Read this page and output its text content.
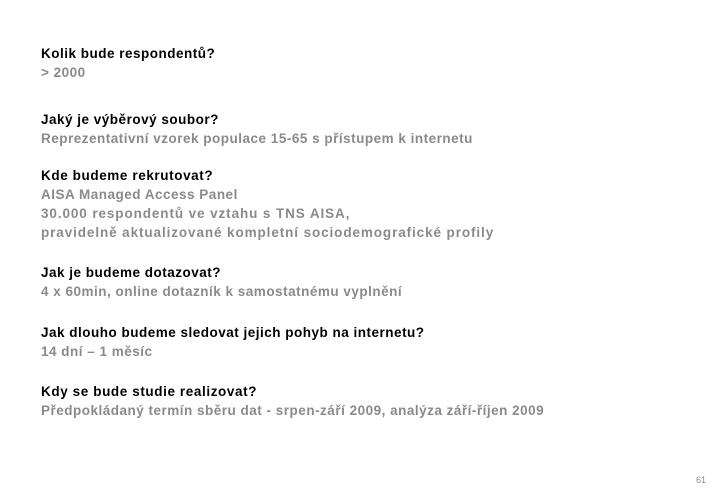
Kolik bude respondentů?
> 2000
Jaký je výběrový soubor?
Reprezentativní vzorek populace 15-65 s přístupem k internetu
Kde budeme rekrutovat?
AISA Managed Access Panel
30.000 respondentů ve vztahu s TNS AISA,
pravidelně aktualizované kompletní sociodemografické profily
Jak je budeme dotazovat?
4 x 60min, online dotazník k samostatnému vyplnění
Jak dlouho budeme sledovat jejich pohyb na internetu?
14 dní – 1 měsíc
Kdy se bude studie realizovat?
Předpokládaný termín sběru dat - srpen-září 2009, analýza září-říjen 2009
61
